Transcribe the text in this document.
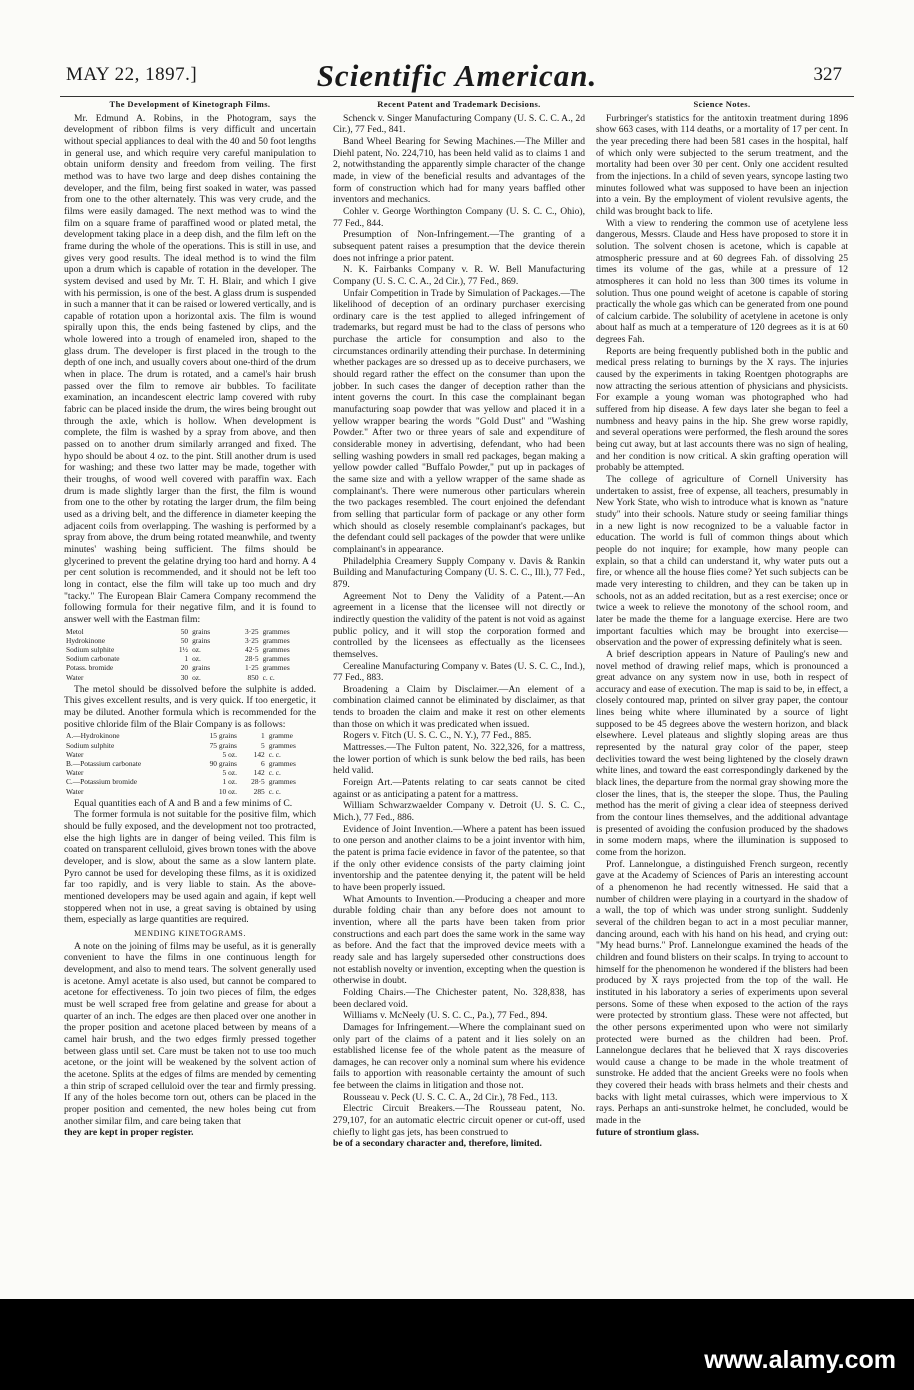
MAY 22, 1897.]	Scientific American.	327
The Development of Kinetograph Films.

Mr. Edmund A. Robins, in the Photogram, says the development of ribbon films is very difficult and uncertain without special appliances to deal with the 40 and 50 foot lengths in general use, and which require very careful manipulation to obtain uniform density and freedom from veiling. The first method was to have two large and deep dishes containing the developer, and the film, being first soaked in water, was passed from one to the other alternately. This was very crude, and the films were easily damaged. The next method was to wind the film on a square frame of paraffined wood or plated metal, the development taking place in a deep dish, and the film left on the frame during the whole of the operations. This is still in use, and gives very good results. The ideal method is to wind the film upon a drum which is capable of rotation in the developer. The system devised and used by Mr. T. H. Blair, and which I give with his permission, is one of the best. A glass drum is suspended in such a manner that it can be raised or lowered vertically, and is capable of rotation upon a horizontal axis. The film is wound spirally upon this, the ends being fastened by clips, and the whole lowered into a trough of enameled iron, shaped to the glass drum. The developer is first placed in the trough to the depth of one inch, and usually covers about one-third of the drum when in place. The drum is rotated, and a camel's hair brush passed over the film to remove air bubbles. To facilitate examination, an incandescent electric lamp covered with ruby fabric can be placed inside the drum, the wires being brought out through the axle, which is hollow. When development is complete, the film is washed by a spray from above, and then passed on to another drum similarly arranged and fixed. The hypo should be about 4 oz. to the pint. Still another drum is used for washing; and these two latter may be made, together with their troughs, of wood well covered with paraffin wax. Each drum is made slightly larger than the first, the film is wound from one to the other by rotating the larger drum, the film being used as a driving belt, and the difference in diameter keeping the adjacent coils from overlapping. The washing is performed by a spray from above, the drum being rotated meanwhile, and twenty minutes' washing being sufficient. The films should be glycerined to prevent the gelatine drying too hard and horny. A 4 per cent solution is recommended, and it should not be left too long in contact, else the film will take up too much and dry "tacky." The European Blair Camera Company recommend the following formula for their negative film, and it is found to answer well with the Eastman film:

Metol	50	grains	3·25	grammes
Hydrokinone	50	grains	3·25	grammes
Sodium sulphite	1½	oz.	42·5	grammes
Sodium carbonate	1	oz.	28·5	grammes
Potass. bromide	20	grains	1·25	grammes
Water	30	oz.	850	c. c.

The metol should be dissolved before the sulphite is added. This gives excellent results, and is very quick. If too energetic, it may be diluted. Another formula which is recommended for the positive chloride film of the Blair Company is as follows:

A.—Hydrokinone	15 grains	1	gramme
Sodium sulphite	75 grains	5	grammes
Water	5 oz.	142	c. c.
B.—Potassium carbonate	90 grains	6	grammes
Water	5 oz.	142	c. c.
C.—Potassium bromide	1 oz.	28·5	grammes
Water	10 oz.	285	c. c.

Equal quantities each of A and B and a few minims of C.

The former formula is not suitable for the positive film, which should be fully exposed, and the development not too protracted, else the high lights are in danger of being veiled. This film is coated on transparent celluloid, gives brown tones with the above developer, and is slow, about the same as a slow lantern plate. Pyro cannot be used for developing these films, as it is oxidized far too rapidly, and is very liable to stain. As the above-mentioned developers may be used again and again, if kept well stoppered when not in use, a great saving is obtained by using them, especially as large quantities are required.

MENDING KINETOGRAMS.

A note on the joining of films may be useful, as it is generally convenient to have the films in one continuous length for development, and also to mend tears. The solvent generally used is acetone. Amyl acetate is also used, but cannot be compared to acetone for effectiveness. To join two pieces of film, the edges must be well scraped free from gelatine and grease for about a quarter of an inch. The edges are then placed over one another in the proper position and acetone placed between by means of a camel hair brush, and the two edges firmly pressed together between glass until set. Care must be taken not to use too much acetone, or the joint will be weakened by the solvent action of the acetone. Splits at the edges of films are mended by cementing a thin strip of scraped celluloid over the tear and firmly pressing. If any of the holes become torn out, others can be placed in the proper position and cemented, the new holes being cut from another similar film, and care being taken that

they are kept in proper register.

Recent Patent and Trademark Decisions.

Schenck v. Singer Manufacturing Company (U. S. C. C. A., 2d Cir.), 77 Fed., 841.

Band Wheel Bearing for Sewing Machines.—The Miller and Diehl patent, No. 224,710, has been held valid as to claims 1 and 2, notwithstanding the apparently simple character of the change made, in view of the beneficial results and advantages of the form of construction which had for many years baffled other inventors and mechanics.

Cohler v. George Worthington Company (U. S. C. C., Ohio), 77 Fed., 844.

Presumption of Non-Infringement.—The granting of a subsequent patent raises a presumption that the device therein does not infringe a prior patent.

N. K. Fairbanks Company v. R. W. Bell Manufacturing Company (U. S. C. C. A., 2d Cir.), 77 Fed., 869.

Unfair Competition in Trade by Simulation of Packages.—The likelihood of deception of an ordinary purchaser exercising ordinary care is the test applied to alleged infringement of trademarks, but regard must be had to the class of persons who purchase the article for consumption and also to the circumstances ordinarily attending their purchase. In determining whether packages are so dressed up as to deceive purchasers, we should regard rather the effect on the consumer than upon the jobber. In such cases the danger of deception rather than the intent governs the court. In this case the complainant began manufacturing soap powder that was yellow and placed it in a yellow wrapper bearing the words "Gold Dust" and "Washing Powder." After two or three years of sale and expenditure of considerable money in advertising, defendant, who had been selling washing powders in small red packages, began making a yellow powder called "Buffalo Powder," put up in packages of the same size and with a yellow wrapper of the same shade as complainant's. There were numerous other particulars wherein the two packages resembled. The court enjoined the defendant from selling that particular form of package or any other form which should as closely resemble complainant's packages, but the defendant could sell packages of the powder that were unlike complainant's in appearance.

Philadelphia Creamery Supply Company v. Davis & Rankin Building and Manufacturing Company (U. S. C. C., Ill.), 77 Fed., 879.

Agreement Not to Deny the Validity of a Patent.—An agreement in a license that the licensee will not directly or indirectly question the validity of the patent is not void as against public policy, and it will stop the corporation formed and controlled by the licensees as effectually as the licensees themselves.

Cerealine Manufacturing Company v. Bates (U. S. C. C., Ind.), 77 Fed., 883.

Broadening a Claim by Disclaimer.—An element of a combination claimed cannot be eliminated by disclaimer, as that tends to broaden the claim and make it rest on other elements than those on which it was predicated when issued.

Rogers v. Fitch (U. S. C. C., N. Y.), 77 Fed., 885.

Mattresses.—The Fulton patent, No. 322,326, for a mattress, the lower portion of which is sunk below the bed rails, has been held valid.

Foreign Art.—Patents relating to car seats cannot be cited against or as anticipating a patent for a mattress.

William Schwarzwaelder Company v. Detroit (U. S. C. C., Mich.), 77 Fed., 886.

Evidence of Joint Invention.—Where a patent has been issued to one person and another claims to be a joint inventor with him, the patent is prima facie evidence in favor of the patentee, so that if the only other evidence consists of the party claiming joint inventorship and the patentee denying it, the patent will be held to have been properly issued.

What Amounts to Invention.—Producing a cheaper and more durable folding chair than any before does not amount to invention, where all the parts have been taken from prior constructions and each part does the same work in the same way as before. And the fact that the improved device meets with a ready sale and has largely superseded other constructions does not establish novelty or invention, excepting when the question is otherwise in doubt.

Folding Chairs.—The Chichester patent, No. 328,838, has been declared void.

Williams v. McNeely (U. S. C. C., Pa.), 77 Fed., 894.

Damages for Infringement.—Where the complainant sued on only part of the claims of a patent and it lies solely on an established license fee of the whole patent as the measure of damages, he can recover only a nominal sum where his evidence fails to apportion with reasonable certainty the amount of such fee between the claims in litigation and those not.

Rousseau v. Peck (U. S. C. C. A., 2d Cir.), 78 Fed., 113.

Electric Circuit Breakers.—The Rousseau patent, No. 279,107, for an automatic electric circuit opener or cut-off, used chiefly to light gas jets, has been construed to

be of a secondary character and, therefore, limited.

Science Notes.

Furbringer's statistics for the antitoxin treatment during 1896 show 663 cases, with 114 deaths, or a mortality of 17 per cent. In the year preceding there had been 581 cases in the hospital, half of which only were subjected to the serum treatment, and the mortality had been over 30 per cent. Only one accident resulted from the injections. In a child of seven years, syncope lasting two minutes followed what was supposed to have been an injection into a vein. By the employment of violent revulsive agents, the child was brought back to life.

With a view to rendering the common use of acetylene less dangerous, Messrs. Claude and Hess have proposed to store it in solution. The solvent chosen is acetone, which is capable at atmospheric pressure and at 60 degrees Fah. of dissolving 25 times its volume of the gas, while at a pressure of 12 atmospheres it can hold no less than 300 times its volume in solution. Thus one pound weight of acetone is capable of storing practically the whole gas which can be generated from one pound of calcium carbide. The solubility of acetylene in acetone is only about half as much at a temperature of 120 degrees as it is at 60 degrees Fah.

Reports are being frequently published both in the public and medical press relating to burnings by the X rays. The injuries caused by the experiments in taking Roentgen photographs are now attracting the serious attention of physicians and physicists. For example a young woman was photographed who had suffered from hip disease. A few days later she began to feel a numbness and heavy pains in the hip. She grew worse rapidly, and several operations were performed, the flesh around the sores being cut away, but at last accounts there was no sign of healing, and her condition is now critical. A skin grafting operation will probably be attempted.

The college of agriculture of Cornell University has undertaken to assist, free of expense, all teachers, presumably in New York State, who wish to introduce what is known as "nature study" into their schools. Nature study or seeing familiar things in a new light is now recognized to be a valuable factor in education. The world is full of common things about which people do not inquire; for example, how many people can explain, so that a child can understand it, why water puts out a fire, or whence all the house flies come? Yet such subjects can be made very interesting to children, and they can be taken up in schools, not as an added recitation, but as a rest exercise; once or twice a week to relieve the monotony of the school room, and later be made the theme for a language exercise. Here are two important faculties which may be brought into exercise—observation and the power of expressing definitely what is seen.

A brief description appears in Nature of Pauling's new and novel method of drawing relief maps, which is pronounced a great advance on any system now in use, both in respect of accuracy and ease of execution. The map is said to be, in effect, a closely contoured map, printed on silver gray paper, the contour lines being white where illuminated by a source of light supposed to be 45 degrees above the western horizon, and black elsewhere. Level plateaus and slightly sloping areas are thus represented by the natural gray color of the paper, steep declivities toward the west being lightened by the closely drawn white lines, and toward the east correspondingly darkened by the black lines, the departure from the normal gray showing more the closer the lines, that is, the steeper the slope. Thus, the Pauling method has the merit of giving a clear idea of steepness derived from the contour lines themselves, and the additional advantage is presented of avoiding the confusion produced by the shadows in some modern maps, where the illumination is supposed to come from the horizon.

Prof. Lannelongue, a distinguished French surgeon, recently gave at the Academy of Sciences of Paris an interesting account of a phenomenon he had recently witnessed. He said that a number of children were playing in a courtyard in the shadow of a wall, the top of which was under strong sunlight. Suddenly several of the children began to act in a most peculiar manner, dancing around, each with his hand on his head, and crying out: "My head burns." Prof. Lannelongue examined the heads of the children and found blisters on their scalps. In trying to account to himself for the phenomenon he wondered if the blisters had been produced by X rays projected from the top of the wall. He instituted in his laboratory a series of experiments upon several persons. Some of these when exposed to the action of the rays were protected by strontium glass. These were not affected, but the other persons experimented upon who were not similarly protected were burned as the children had been. Prof. Lannelongue declares that he believed that X rays discoveries would cause a change to be made in the whole treatment of sunstroke. He added that the ancient Greeks were no fools when they covered their heads with brass helmets and their chests and backs with light metal cuirasses, which were impervious to X rays. Perhaps an anti-sunstroke helmet, he concluded, would be made in the

future of strontium glass.

www.alamy.com
